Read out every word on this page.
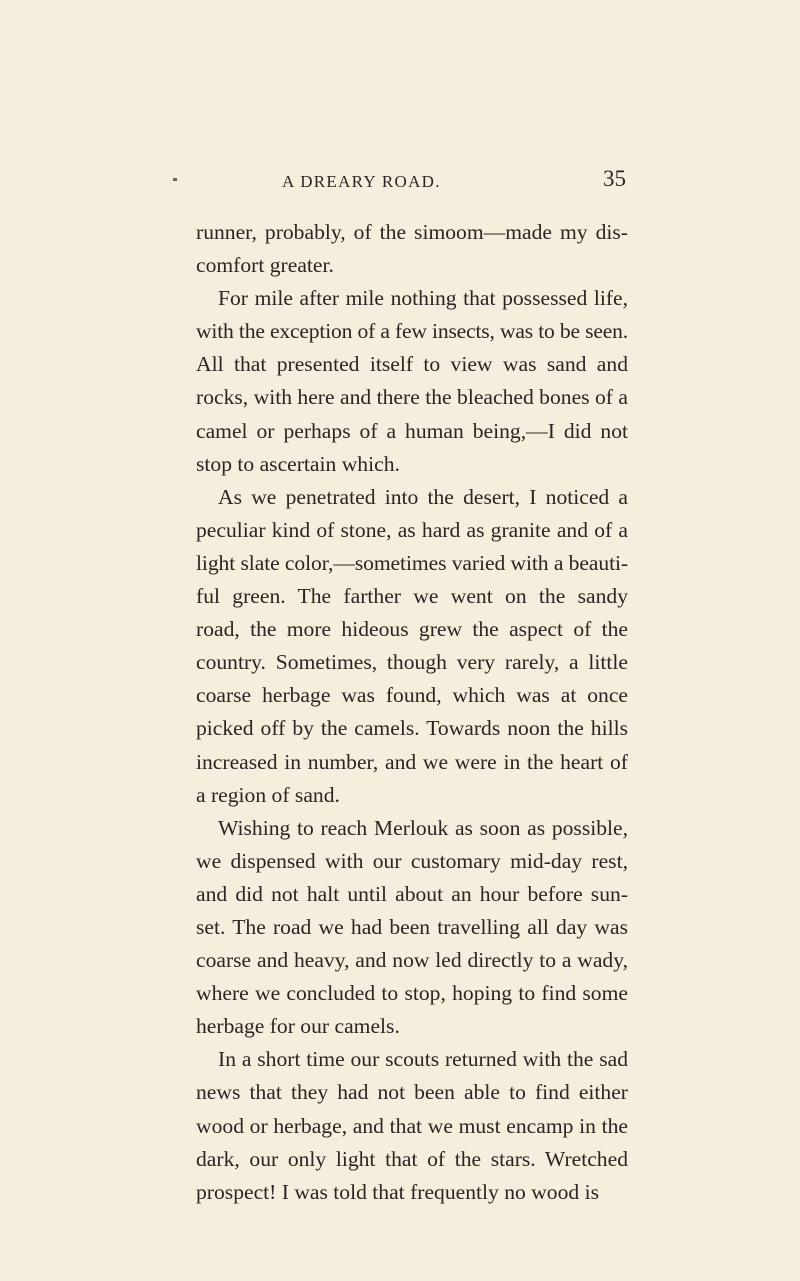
A DREARY ROAD.	35
runner, probably, of the simoom—made my dis-
comfort greater.
For mile after mile nothing that possessed life,
with the exception of a few insects, was to be seen.
All that presented itself to view was sand and
rocks, with here and there the bleached bones of a
camel or perhaps of a human being,—I did not
stop to ascertain which.
As we penetrated into the desert, I noticed a
peculiar kind of stone, as hard as granite and of a
light slate color,—sometimes varied with a beauti-
ful green. The farther we went on the sandy
road, the more hideous grew the aspect of the
country. Sometimes, though very rarely, a little
coarse herbage was found, which was at once
picked off by the camels. Towards noon the hills
increased in number, and we were in the heart of
a region of sand.
Wishing to reach Merlouk as soon as possible,
we dispensed with our customary mid-day rest,
and did not halt until about an hour before sun-
set. The road we had been travelling all day was
coarse and heavy, and now led directly to a wady,
where we concluded to stop, hoping to find some
herbage for our camels.
In a short time our scouts returned with the sad
news that they had not been able to find either
wood or herbage, and that we must encamp in the
dark, our only light that of the stars. Wretched
prospect! I was told that frequently no wood is
